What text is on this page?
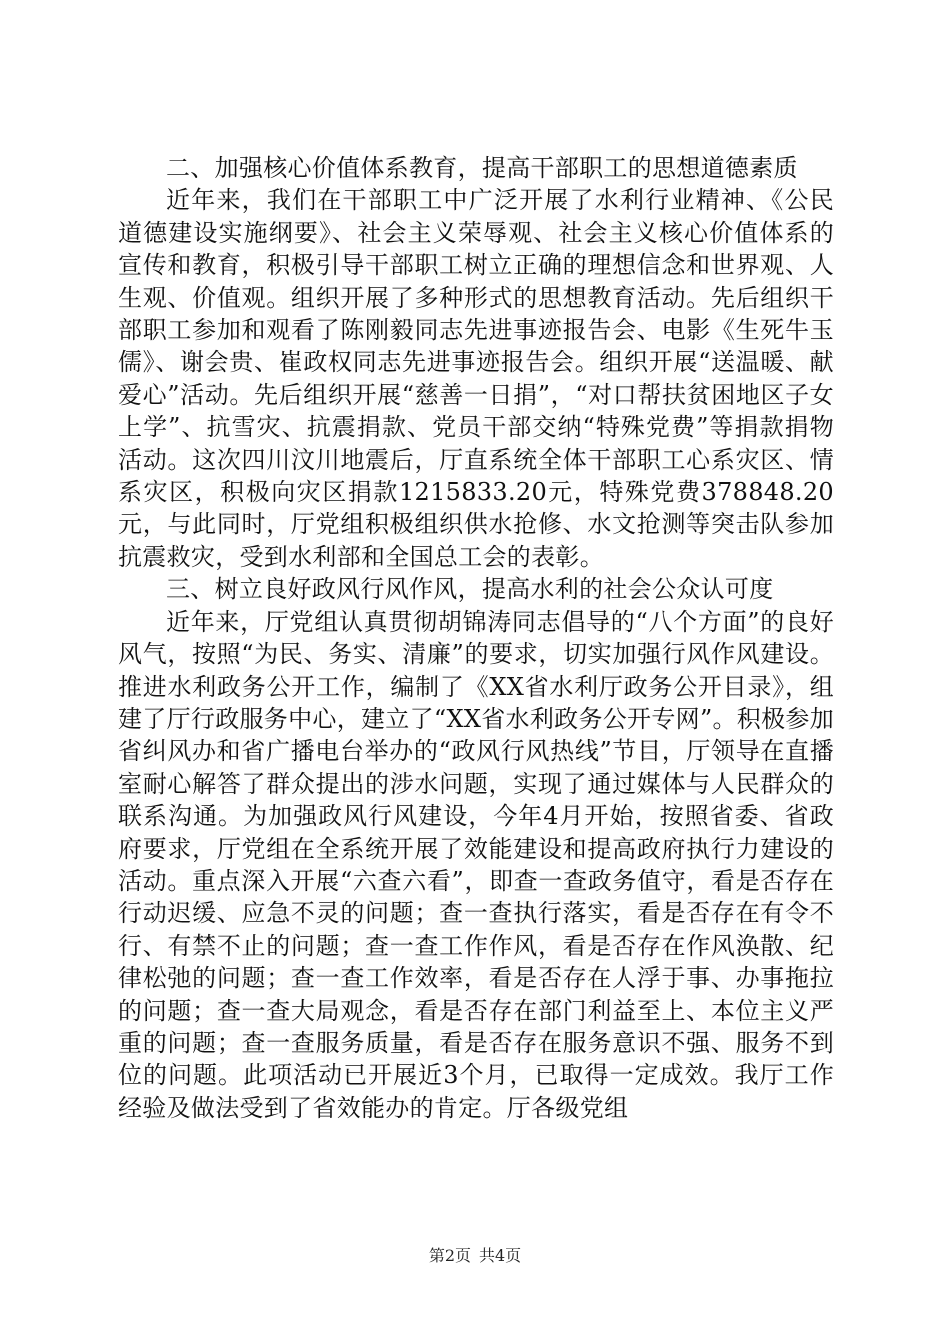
二、加强核心价值体系教育，提高干部职工的思想道德素质

近年来，我们在干部职工中广泛开展了水利行业精神、《公民道德建设实施纲要》、社会主义荣辱观、社会主义核心价值体系的宣传和教育，积极引导干部职工树立正确的理想信念和世界观、人生观、价值观。组织开展了多种形式的思想教育活动。先后组织干部职工参加和观看了陈刚毅同志先进事迹报告会、电影《生死牛玉儒》、谢会贵、崔政权同志先进事迹报告会。组织开展“送温暖、献爱心”活动。先后组织开展“慈善一日捐”，“对口帮扶贫困地区子女上学”、抗雪灾、抗震捐款、党员干部交纳“特殊党费”等捐款捐物活动。这次四川汶川地震后，厅直系统全体干部职工心系灾区、情系灾区，积极向灾区捐款1215833.20元，特殊党费378848.20元，与此同时，厅党组积极组织供水抢修、水文抢测等突击队参加抗震救灾，受到水利部和全国总工会的表彰。

三、树立良好政风行风作风，提高水利的社会公众认可度

近年来，厅党组认真贯彻胡锦涛同志倡导的“八个方面”的良好风气，按照“为民、务实、清廉”的要求，切实加强行风作风建设。推进水利政务公开工作，编制了《XX省水利厅政务公开目录》，组建了厅行政服务中心，建立了“XX省水利政务公开专网”。积极参加省纠风办和省广播电台举办的“政风行风热线”节目，厅领导在直播室耐心解答了群众提出的涉水问题，实现了通过媒体与人民群众的联系沟通。为加强政风行风建设，今年4月开始，按照省委、省政府要求，厅党组在全系统开展了效能建设和提高政府执行力建设的活动。重点深入开展“六查六看”，即查一查政务值守，看是否存在行动迟缓、应急不灵的问题；查一查执行落实，看是否存在有令不行、有禁不止的问题；查一查工作作风，看是否存在作风涣散、纪律松弛的问题；查一查工作效率，看是否存在人浮于事、办事拖拉的问题；查一查大局观念，看是否存在部门利益至上、本位主义严重的问题；查一查服务质量，看是否存在服务意识不强、服务不到位的问题。此项活动已开展近3个月，已取得一定成效。我厅工作经验及做法受到了省效能办的肯定。厅各级党组

第2页 共4页
